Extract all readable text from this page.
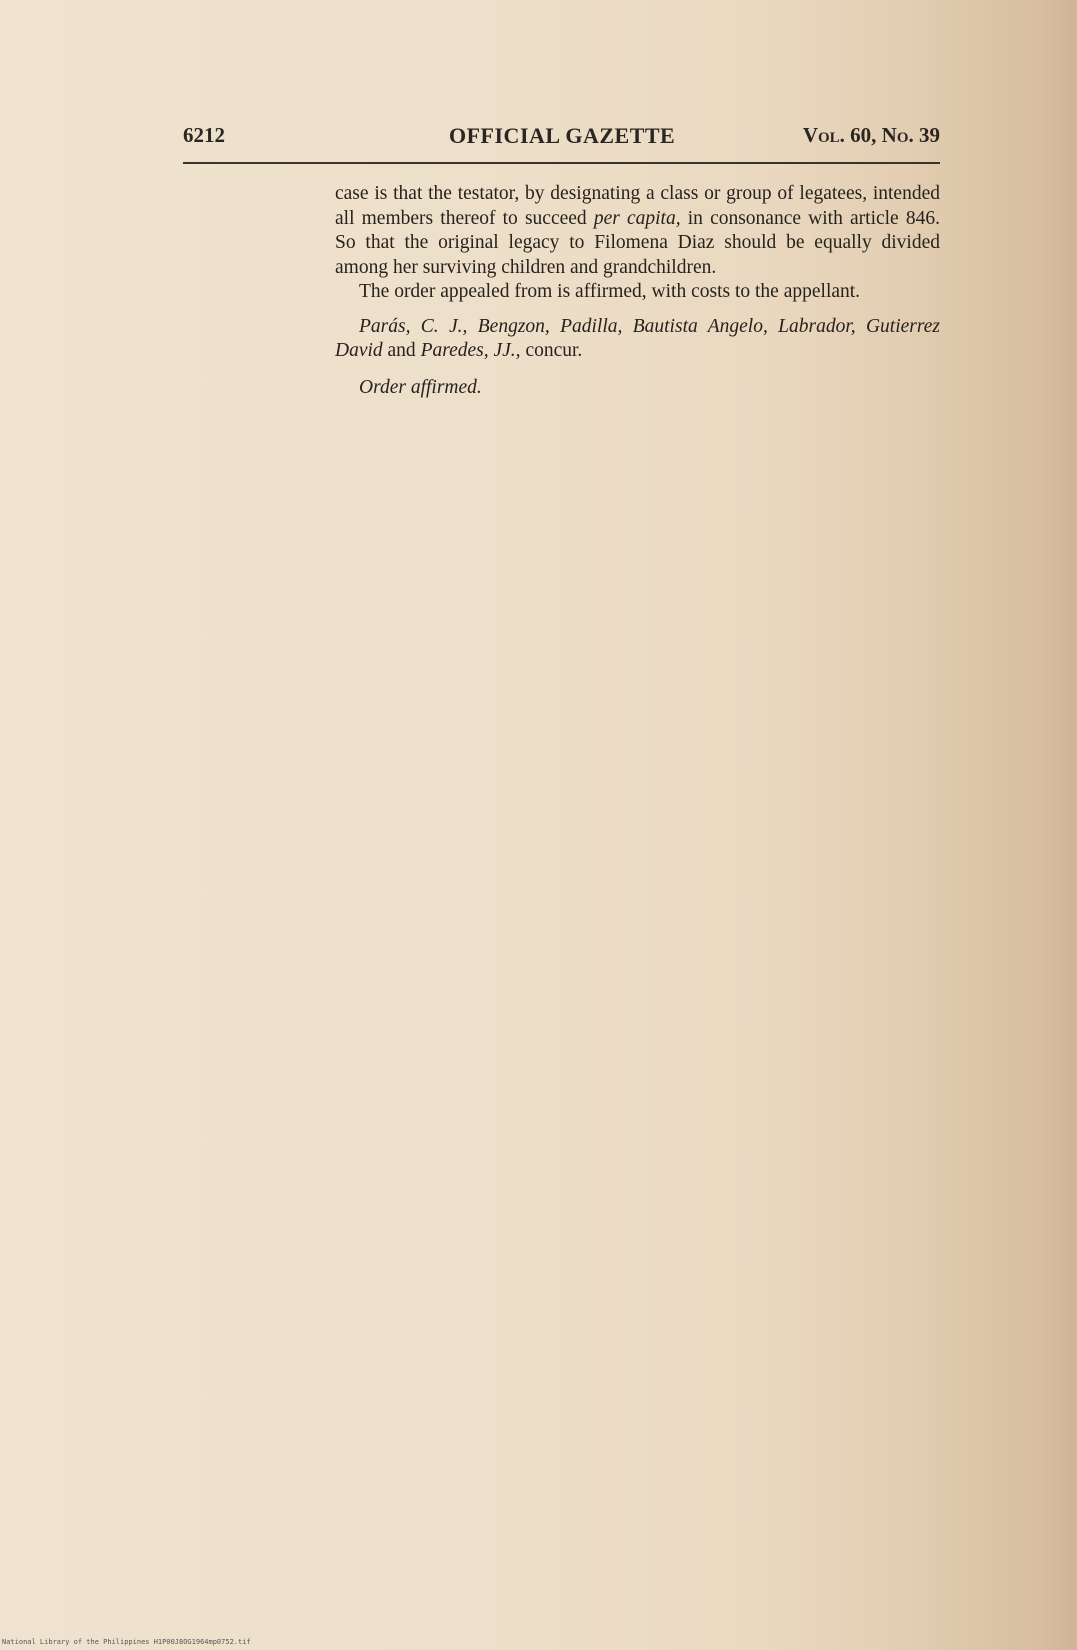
6212	OFFICIAL GAZETTE	Vol. 60, No. 39

case is that the testator, by designating a class or group of legatees, intended all members thereof to succeed per capita, in consonance with article 846. So that the original legacy to Filomena Diaz should be equally divided among her surviving children and grandchildren.

The order appealed from is affirmed, with costs to the appellant.

Parás, C. J., Bengzon, Padilla, Bautista Angelo, Labrador, Gutierrez David and Paredes, JJ., concur.

Order affirmed.

National Library of the Philippines H1P00J8OG1964mp0752.tif
